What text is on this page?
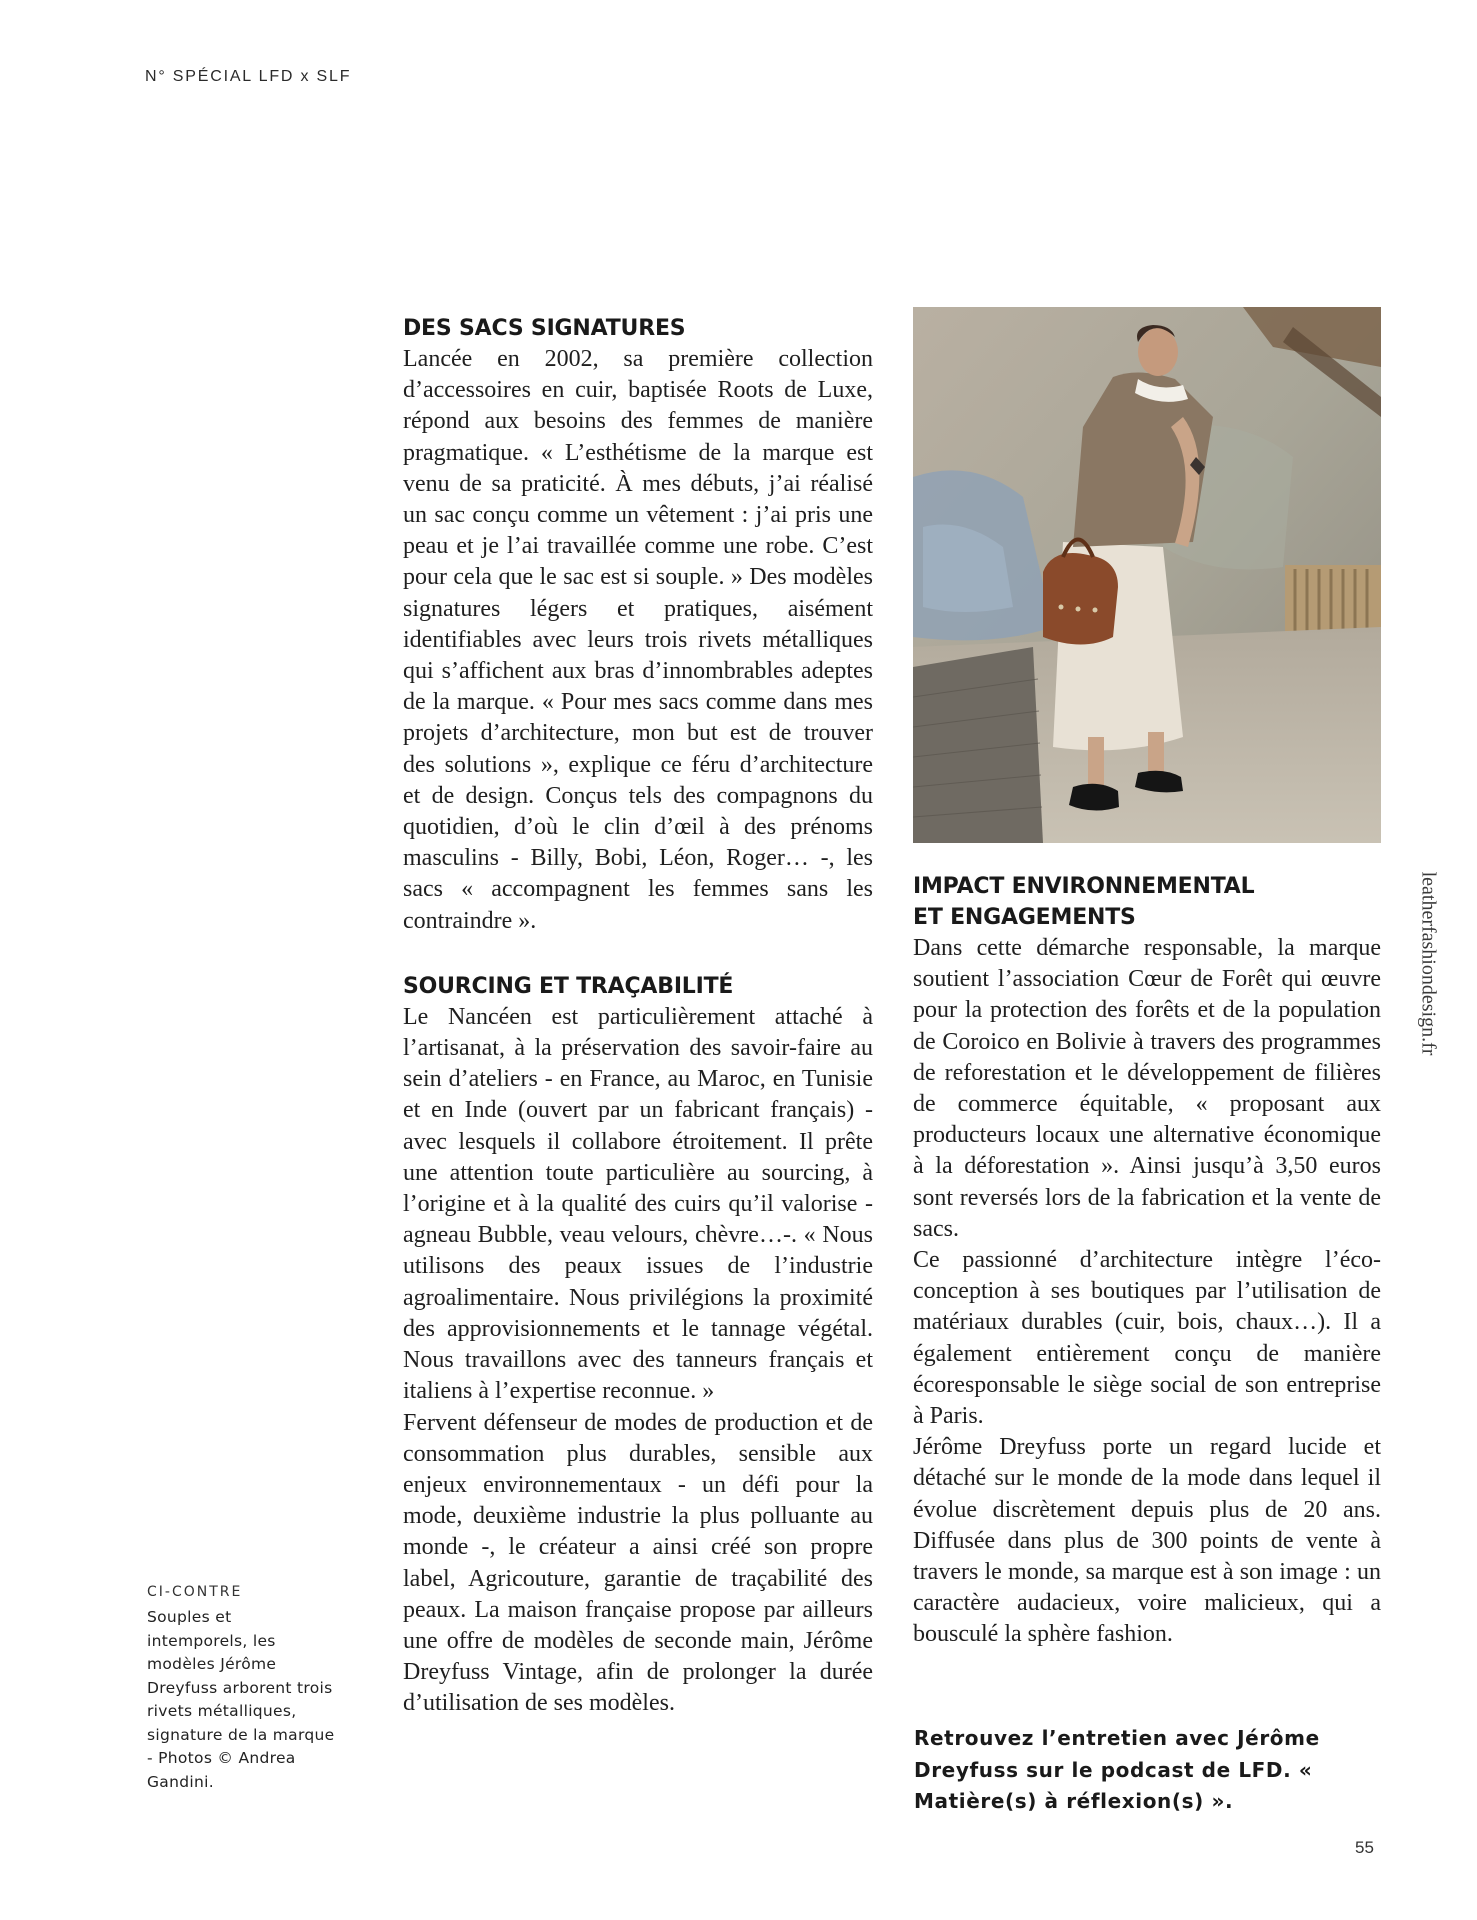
N° SPÉCIAL LFD x SLF
DES SACS SIGNATURES

Lancée en 2002, sa première collection d’accessoires en cuir, baptisée Roots de Luxe, répond aux besoins des femmes de manière pragmatique. « L’esthétisme de la marque est venu de sa praticité. À mes débuts, j’ai réalisé un sac conçu comme un vêtement : j’ai pris une peau et je l’ai travaillée comme une robe. C’est pour cela que le sac est si souple. » Des modèles signatures légers et pratiques, aisément identifiables avec leurs trois rivets métalliques qui s’affichent aux bras d’innombrables adeptes de la marque. « Pour mes sacs comme dans mes projets d’architecture, mon but est de trouver des solutions », explique ce féru d’architecture et de design. Conçus tels des compagnons du quotidien, d’où le clin d’œil à des prénoms masculins - Billy, Bobi, Léon, Roger… -, les sacs « accompagnent les femmes sans les contraindre ».

SOURCING ET TRAÇABILITÉ

Le Nancéen est particulièrement attaché à l’artisanat, à la préservation des savoir-faire au sein d’ateliers - en France, au Maroc, en Tunisie et en Inde (ouvert par un fabricant français) - avec lesquels il collabore étroitement. Il prête une attention toute particulière au sourcing, à l’origine et à la qualité des cuirs qu’il valorise - agneau Bubble, veau velours, chèvre…-. « Nous utilisons des peaux issues de l’industrie agroalimentaire. Nous privilégions la proximité des approvisionnements et le tannage végétal. Nous travaillons avec des tanneurs français et italiens à l’expertise reconnue. »

Fervent défenseur de modes de production et de consommation plus durables, sensible aux enjeux environnementaux - un défi pour la mode, deuxième industrie la plus polluante au monde -, le créateur a ainsi créé son propre label, Agricouture, garantie de traçabilité des peaux. La maison française propose par ailleurs une offre de modèles de seconde main, Jérôme Dreyfuss Vintage, afin de prolonger la durée d’utilisation de ses modèles.

IMPACT ENVIRONNEMENTAL ET ENGAGEMENTS

Dans cette démarche responsable, la marque soutient l’association Cœur de Forêt qui œuvre pour la protection des forêts et de la population de Coroico en Bolivie à travers des programmes de reforestation et le développement de filières de commerce équitable, « proposant aux producteurs locaux une alternative économique à la déforestation ». Ainsi jusqu’à 3,50 euros sont reversés lors de la fabrication et la vente de sacs.

Ce passionné d’architecture intègre l’éco-conception à ses boutiques par l’utilisation de matériaux durables (cuir, bois, chaux…). Il a également entièrement conçu de manière écoresponsable le siège social de son entreprise à Paris.

Jérôme Dreyfuss porte un regard lucide et détaché sur le monde de la mode dans lequel il évolue discrètement depuis plus de 20 ans. Diffusée dans plus de 300 points de vente à travers le monde, sa marque est à son image : un caractère audacieux, voire malicieux, qui a bousculé la sphère fashion.

Retrouvez l’entretien avec Jérôme Dreyfuss sur le podcast de LFD. « Matière(s) à réflexion(s) ».
leatherfashiondesign.fr
CI-CONTRE
Souples et intemporels, les modèles Jérôme Dreyfuss arborent trois rivets métalliques, signature de la marque - Photos © Andrea Gandini.
55
